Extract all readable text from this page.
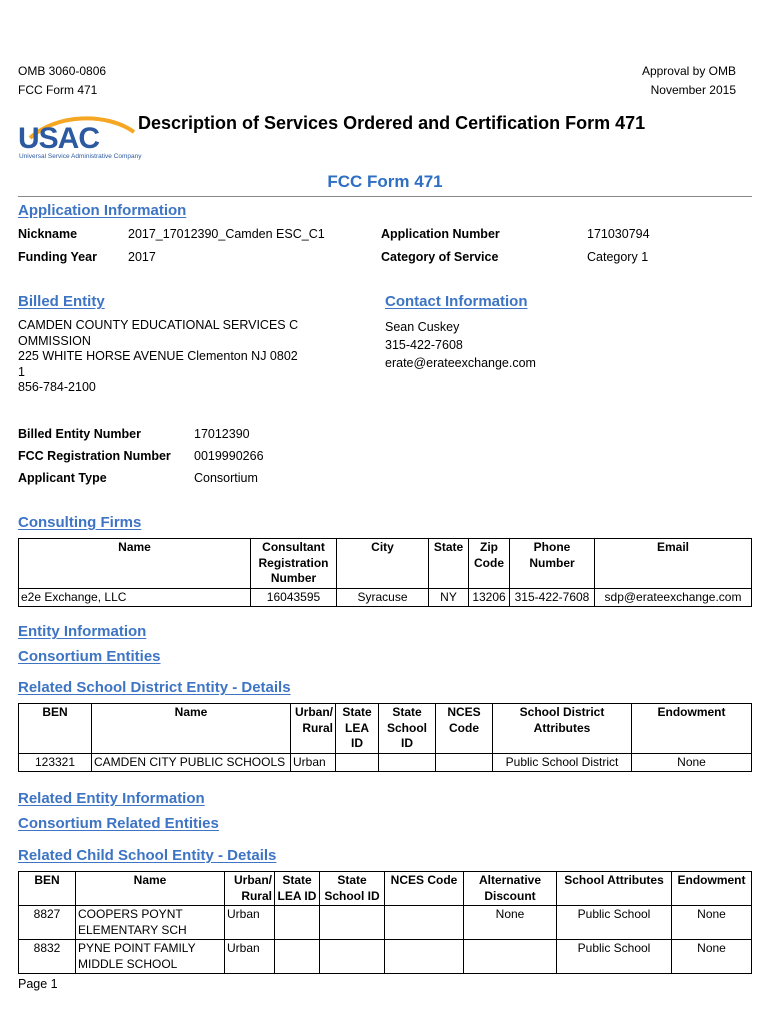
OMB 3060-0806
FCC Form 471
Approval by OMB
November 2015
USAC
Universal Service Administrative Company
Description of Services Ordered and Certification Form 471
FCC Form 471
Application Information
Nickname	2017_17012390_Camden ESC_C1	Application Number	171030794
Funding Year 2017	Category of Service	Category 1
Billed Entity
CAMDEN COUNTY EDUCATIONAL SERVICES C
OMMISSION
225 WHITE HORSE AVENUE Clementon NJ 0802
1
856-784-2100
Contact Information
Sean Cuskey
315-422-7608
erate@erateexchange.com
Billed Entity Number	17012390
FCC Registration Number 0019990266
Applicant Type	Consortium
Consulting Firms
Name	Consultant Registration Number	City	State	Zip Code	Phone Number	Email
e2e Exchange, LLC	16043595	Syracuse	NY	13206	315-422-7608	sdp@erateexchange.com
Entity Information
Consortium Entities
Related School District Entity - Details
BEN	Name	Urban/ Rural	State LEA ID	State School ID	NCES Code	School District Attributes	Endowment
123321	CAMDEN CITY PUBLIC SCHOOLS	Urban				Public School District	None
Related Entity Information
Consortium Related Entities
Related Child School Entity - Details
BEN	Name	Urban/ Rural	State LEA ID	State School ID	NCES Code	Alternative Discount	School Attributes	Endowment
8827	COOPERS POYNT ELEMENTARY SCH	Urban				None	Public School	None
8832	PYNE POINT FAMILY MIDDLE SCHOOL	Urban					Public School	None
Page 1
